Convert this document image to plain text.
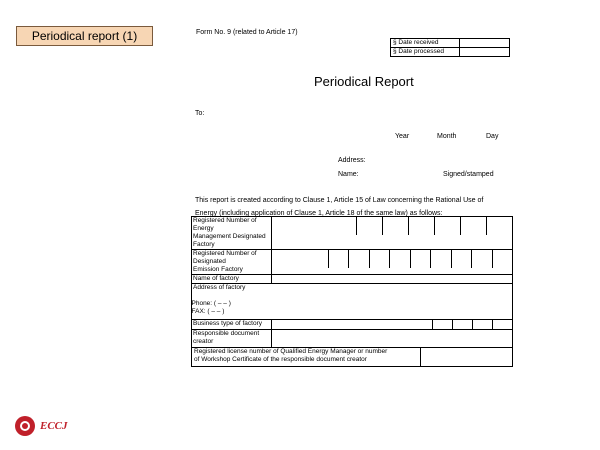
Periodical report (1)	Form No. 9 (related to Article 17)
§ Date received	
§ Date processed	
Periodical Report
To:
Year	Month	Day
Address:
Name:	Signed/stamped
This report is created according to Clause 1, Article 15 of Law concerning the Rational Use of
Energy (including application of Clause 1, Article 18 of the same law) as follows:
Registered Number of Energy
Management Designated Factory	

Registered Number of Designated
Emission Factory	

Name of factory	
Address of factory	Phone: ( – – )
FAX: ( – – )

Business type of factory	

Responsible document
creator	

Registered license number of Qualified Energy Manager or number
of Workshop Certificate of the responsible document creator	
ECCJ
